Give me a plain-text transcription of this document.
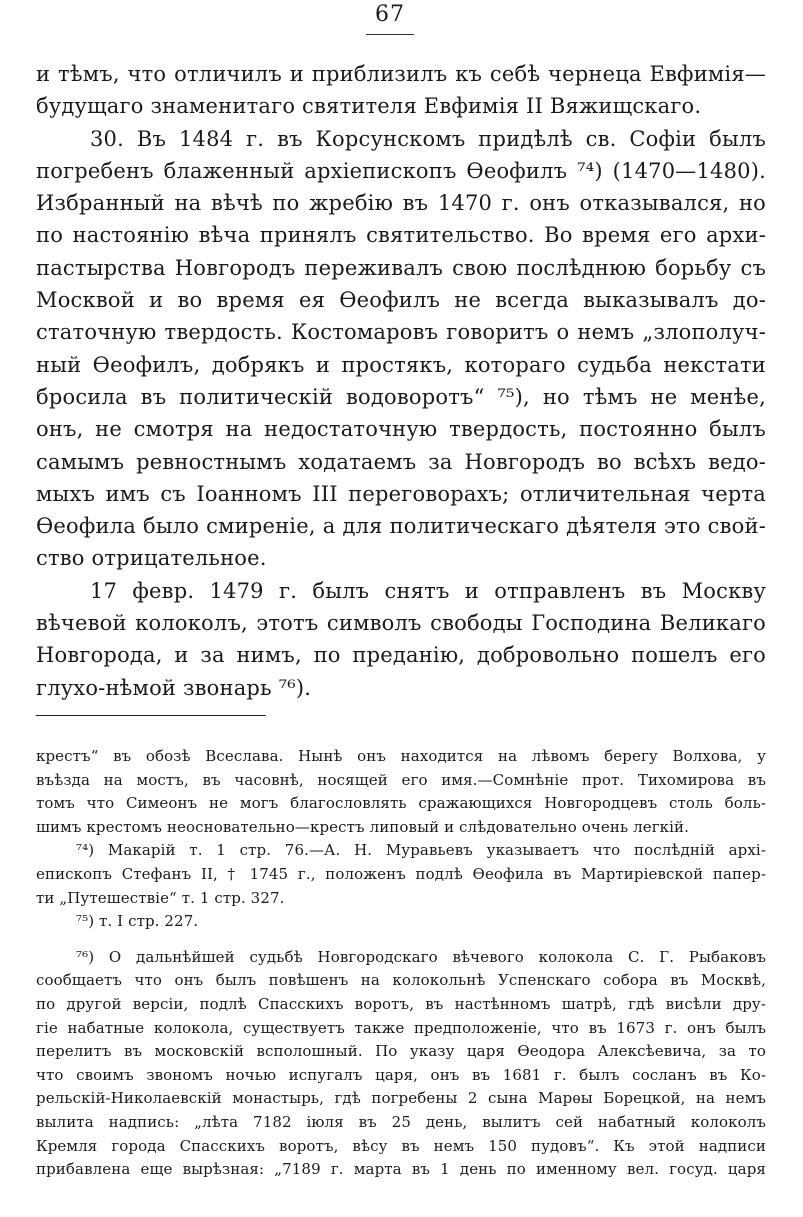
67
и тѣмъ, что отличилъ и приблизилъ къ себѣ чернеца Евфимія—
будущаго знаменитаго святителя Евфимія II Вяжищскаго.
30. Въ 1484 г. въ Корсунскомъ придѣлѣ св. Софіи былъ
погребенъ блаженный архіепископъ Ѳеофилъ ⁷⁴) (1470—1480).
Избранный на вѣчѣ по жребію въ 1470 г. онъ отказывался, но
по настоянію вѣча принялъ святительство. Во время его архи-
пастырства Новгородъ переживалъ свою послѣднюю борьбу съ
Москвой и во время ея Ѳеофилъ не всегда выказывалъ до-
статочную твердость. Костомаровъ говоритъ о немъ „злополуч-
ный Ѳеофилъ, добрякъ и простякъ, котораго судьба некстати
бросила въ политическій водоворотъ“ ⁷⁵), но тѣмъ не менѣе,
онъ, не смотря на недостаточную твердость, постоянно былъ
самымъ ревностнымъ ходатаемъ за Новгородъ во всѣхъ ведо-
мыхъ имъ съ Іоанномъ III переговорахъ; отличительная черта
Ѳеофила было смиреніе, а для политическаго дѣятеля это свой-
ство отрицательное.
17 февр. 1479 г. былъ снятъ и отправленъ въ Москву
вѣчевой колоколъ, этотъ символъ свободы Господина Великаго
Новгорода, и за нимъ, по преданію, добровольно пошелъ его
глухо-нѣмой звонарь ⁷⁶).
крестъ“ въ обозѣ Всеслава. Нынѣ онъ находится на лѣвомъ берегу Волхова, у
въѣзда на мостъ, въ часовнѣ, носящей его имя.—Сомнѣніе прот. Тихомирова въ
томъ что Симеонъ не могъ благословлять сражающихся Новгородцевъ столь боль-
шимъ крестомъ неосновательно—крестъ липовый и слѣдовательно очень легкій.
⁷⁴) Макарій т. 1 стр. 76.—А. Н. Муравьевъ указываетъ что послѣдній архі-
епископъ Стефанъ II, † 1745 г., положенъ подлѣ Ѳеофила въ Мартиріевской папер-
ти „Путешествіе“ т. 1 стр. 327.
⁷⁵) т. I стр. 227.
⁷⁶) О дальнѣйшей судьбѣ Новгородскаго вѣчевого колокола С. Г. Рыбаковъ
сообщаетъ что онъ былъ повѣшенъ на колокольнѣ Успенскаго собора въ Москвѣ,
по другой версіи, подлѣ Спасскихъ воротъ, въ настѣнномъ шатрѣ, гдѣ висѣли дру-
гіе набатные колокола, существуетъ также предположеніе, что въ 1673 г. онъ былъ
перелитъ въ московскій всполошный. По указу царя Ѳеодора Алексѣевича, за то
что своимъ звономъ ночью испугалъ царя, онъ въ 1681 г. былъ сосланъ въ Ко-
рельскій-Николаевскій монастырь, гдѣ погребены 2 сына Марѳы Борецкой, на немъ
вылита надпись: „лѣта 7182 іюля въ 25 день, вылитъ сей набатный колоколъ
Кремля города Спасскихъ воротъ, вѣсу въ немъ 150 пудовъ“. Къ этой надписи
прибавлена еще вырѣзная: „7189 г. марта въ 1 день по именному вел. госуд. царя
